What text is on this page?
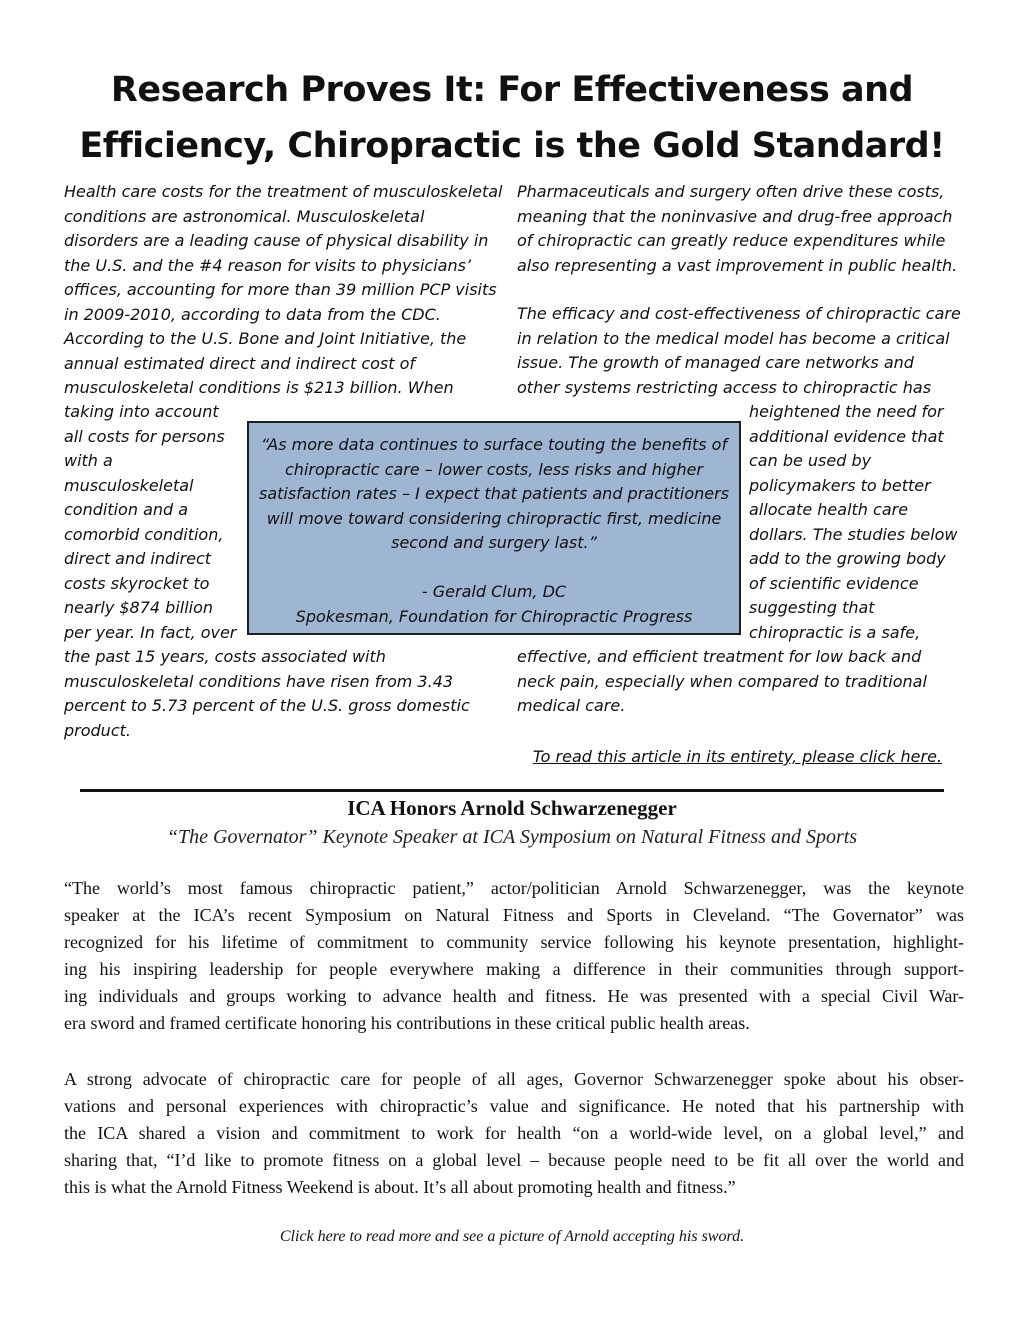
Research Proves It: For Effectiveness and
Efficiency, Chiropractic is the Gold Standard!
Health care costs for the treatment of musculoskeletal
conditions are astronomical. Musculoskeletal
disorders are a leading cause of physical disability in
the U.S. and the #4 reason for visits to physicians’
offices, accounting for more than 39 million PCP visits
in 2009-2010, according to data from the CDC.
According to the U.S. Bone and Joint Initiative, the
annual estimated direct and indirect cost of
musculoskeletal conditions is $213 billion. When
taking into account
all costs for persons
with a
musculoskeletal
condition and a
comorbid condition,
direct and indirect
costs skyrocket to
nearly $874 billion
per year. In fact, over
the past 15 years, costs associated with
musculoskeletal conditions have risen from 3.43
percent to 5.73 percent of the U.S. gross domestic
product.
Pharmaceuticals and surgery often drive these costs,
meaning that the noninvasive and drug-free approach
of chiropractic can greatly reduce expenditures while
also representing a vast improvement in public health.
The efficacy and cost-effectiveness of chiropractic care
in relation to the medical model has become a critical
issue. The growth of managed care networks and
other systems restricting access to chiropractic has
heightened the need for
additional evidence that
can be used by
policymakers to better
allocate health care
dollars. The studies below
add to the growing body
of scientific evidence
suggesting that
chiropractic is a safe,
effective, and efficient treatment for low back and
neck pain, especially when compared to traditional
medical care.
“As more data continues to surface touting the benefits of
chiropractic care – lower costs, less risks and higher
satisfaction rates – I expect that patients and practitioners
will move toward considering chiropractic first, medicine
second and surgery last.”
- Gerald Clum, DC
Spokesman, Foundation for Chiropractic Progress
To read this article in its entirety, please click here.
ICA Honors Arnold Schwarzenegger

“The Governator” Keynote Speaker at ICA Symposium on Natural Fitness and Sports

“The world’s most famous chiropractic patient,” actor/politician Arnold Schwarzenegger, was the keynote
speaker at the ICA’s recent Symposium on Natural Fitness and Sports in Cleveland. “The Governator” was
recognized for his lifetime of commitment to community service following his keynote presentation, highlight-
ing his inspiring leadership for people everywhere making a difference in their communities through support-
ing individuals and groups working to advance health and fitness. He was presented with a special Civil War-
era sword and framed certificate honoring his contributions in these critical public health areas.
A strong advocate of chiropractic care for people of all ages, Governor Schwarzenegger spoke about his obser-
vations and personal experiences with chiropractic’s value and significance. He noted that his partnership with
the ICA shared a vision and commitment to work for health “on a world-wide level, on a global level,” and
sharing that, “I’d like to promote fitness on a global level – because people need to be fit all over the world and
this is what the Arnold Fitness Weekend is about. It’s all about promoting health and fitness.”

Click here to read more and see a picture of Arnold accepting his sword.
